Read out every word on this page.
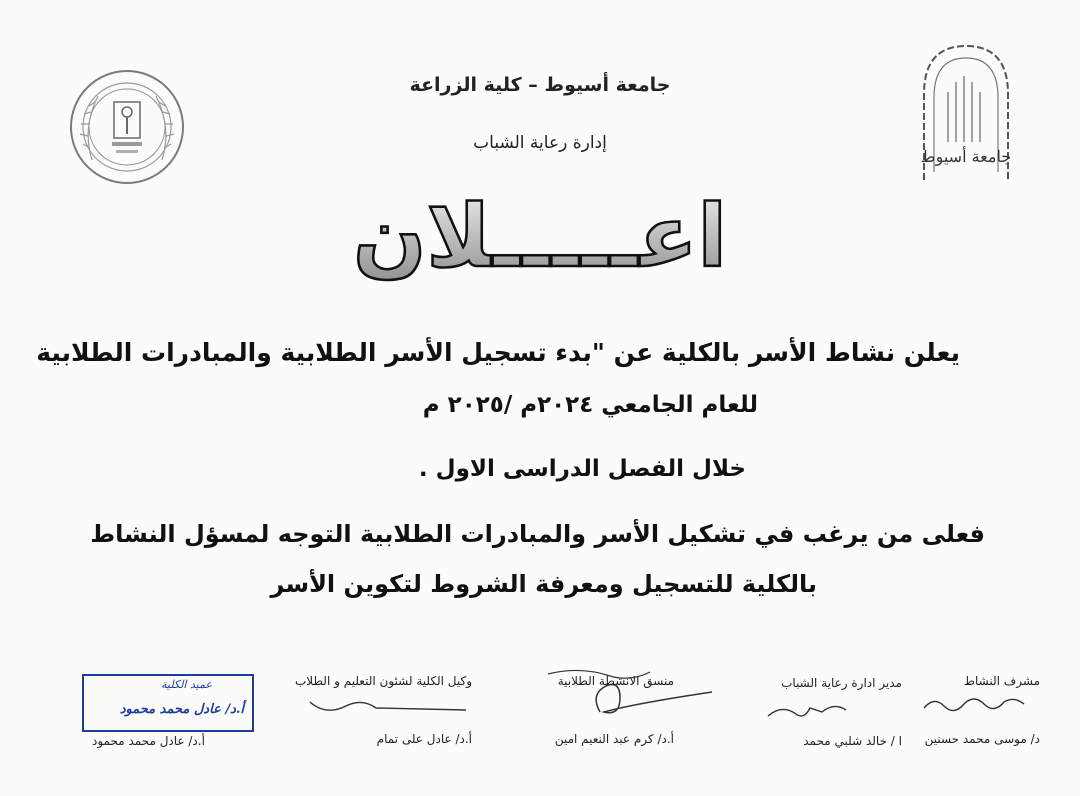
جامعة أسيوط
جامعة أسيوط – كلية الزراعة
إدارة رعاية الشباب
اعـــــلان
يعلن نشاط الأسر بالكلية عن "بدء تسجيل الأسر الطلابية والمبادرات الطلابية
للعام الجامعي ٢٠٢٤م /٢٠٢٥ م
خلال الفصل الدراسى الاول .
فعلى من يرغب في تشكيل الأسر والمبادرات الطلابية التوجه لمسؤل النشاط
بالكلية للتسجيل ومعرفة الشروط لتكوين الأسر
مشرف النشاط
د/ موسى محمد حسنين
مدير ادارة رعاية الشباب
ا / خالد شلبي محمد
منسق الانشطة الطلابية
أ.د/ كرم عبد النعيم امين
وكيل الكلية لشئون التعليم و الطلاب
أ.د/ عادل على تمام
عميد الكلية
أ.د/ عادل محمد محمود
أ.د/ عادل محمد محمود
